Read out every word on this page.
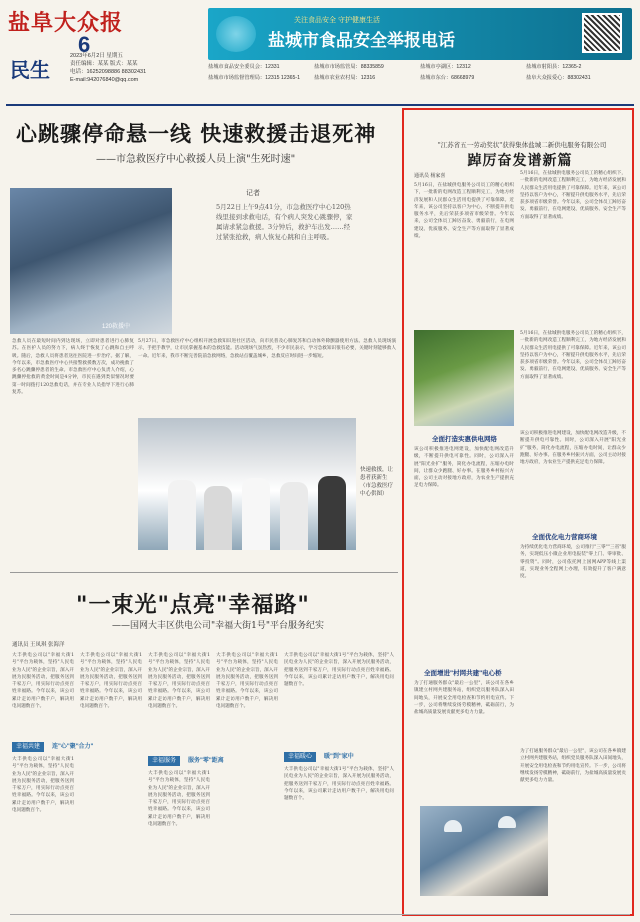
盐阜大众报
6
民生
2023年6月2日 星期五
责任编辑：某某 版式：某某
电话：16252098886 88302431
E-mail:942076840@qq.com
关注食品安全 守护健康生活
盐城市食品安全举报电话
盐城市食品安全委员会：12331	盐城市市场监管局：88335859	盐城市亭湖区：12312	盐城市射阳县：12365-2
盐城市市场监督管理局：12315 12365-1	盐城市农业农村局：12316	盐城市东台：68668979	盐阜大众报爱心：88302431
心跳骤停命悬一线 快速救援击退死神
——市急救医疗中心救援人员上演"生死时速"
120救援中
记者
5月22日上午9点41分，市急救医疗中心120热线里接到求救电话，有个病人突发心跳骤停，家属请求紧急救援。3分钟后，救护车出发……经过紧张抢救，病人恢复心跳和自主呼吸。
急救人员在最短时间内到达现场，立即对患者进行心肺复苏。在医护人员的努力下，病人终于恢复了心跳和自主呼吸。随后，急救人员将患者送往医院进一步治疗。据了解，今年以来，市急救医疗中心共接警救援数万次，成功挽救了多名心跳骤停患者的生命。市急救医疗中心负责人介绍，心跳骤停抢救的黄金时间是4分钟，市民在遇到类似情况时要第一时间拨打120急救电话，并在专业人员指导下进行心肺复苏。
5月27日，市急救医疗中心组织开展急救知识进社区活动，向市民普及心肺复苏和自动体外除颤器使用方法。急救人员现场演示，手把手教学，让市民掌握基本的急救技能。活动现场气氛热烈，不少市民表示，学习急救知识很有必要，关键时刻能够救人一命。近年来，我市不断完善院前急救网络，急救站点覆盖城乡，急救反应时间进一步缩短。
快速救援，让患者获新生（市急救医疗中心供图）
"一束光"点亮"幸福路"
——国网大丰区供电公司"幸福大街1号"平台服务纪实
通讯员 王凤琪 张海洋
大丰供电公司以"幸福大街1号"平台为载体，坚持"人民电业为人民"的企业宗旨，深入开展为民服务活动，把服务送到千家万户，用实际行动点亮百姓幸福路。今年以来，该公司累计走访用户数千户，解决用电问题数百个。
幸福共建	连"心"聚"合力"
大丰供电公司以"幸福大街1号"平台为载体，坚持"人民电业为人民"的企业宗旨，深入开展为民服务活动，把服务送到千家万户，用实际行动点亮百姓幸福路。今年以来，该公司累计走访用户数千户，解决用电问题数百个。
大丰供电公司以"幸福大街1号"平台为载体，坚持"人民电业为人民"的企业宗旨，深入开展为民服务活动，把服务送到千家万户，用实际行动点亮百姓幸福路。今年以来，该公司累计走访用户数千户，解决用电问题数百个。
大丰供电公司以"幸福大街1号"平台为载体，坚持"人民电业为人民"的企业宗旨，深入开展为民服务活动，把服务送到千家万户，用实际行动点亮百姓幸福路。今年以来，该公司累计走访用户数千户，解决用电问题数百个。
幸福服务	服务"零"距离
大丰供电公司以"幸福大街1号"平台为载体，坚持"人民电业为人民"的企业宗旨，深入开展为民服务活动，把服务送到千家万户，用实际行动点亮百姓幸福路。今年以来，该公司累计走访用户数千户，解决用电问题数百个。
大丰供电公司以"幸福大街1号"平台为载体，坚持"人民电业为人民"的企业宗旨，深入开展为民服务活动，把服务送到千家万户，用实际行动点亮百姓幸福路。今年以来，该公司累计走访用户数千户，解决用电问题数百个。
大丰供电公司以"幸福大街1号"平台为载体，坚持"人民电业为人民"的企业宗旨，深入开展为民服务活动，把服务送到千家万户，用实际行动点亮百姓幸福路。今年以来，该公司累计走访用户数千户，解决用电问题数百个。
幸福暖心	暖"到"家中
大丰供电公司以"幸福大街1号"平台为载体，坚持"人民电业为人民"的企业宗旨，深入开展为民服务活动，把服务送到千家万户，用实际行动点亮百姓幸福路。今年以来，该公司累计走访用户数千户，解决用电问题数百个。
"江苏省五一劳动奖状"获得集体盐城二新供电服务有限公司
踔厉奋发谱新篇
通讯员 杨家喜
5月16日，在盐城供电服务公司员工的精心组织下，一批新的电网改造工程顺利完工，为地方经济发展和人民群众生活用电提供了可靠保障。近年来，该公司坚持以客户为中心，不断提升供电服务水平，先后荣获多项省市级荣誉。今年以来，公司全体员工踔厉奋发、勇毅前行，在电网建设、优质服务、安全生产等方面取得了显著成绩。
5月16日，在盐城供电服务公司员工的精心组织下，一批新的电网改造工程顺利完工，为地方经济发展和人民群众生活用电提供了可靠保障。近年来，该公司坚持以客户为中心，不断提升供电服务水平，先后荣获多项省市级荣誉。今年以来，公司全体员工踔厉奋发、勇毅前行，在电网建设、优质服务、安全生产等方面取得了显著成绩。
5月16日，在盐城供电服务公司员工的精心组织下，一批新的电网改造工程顺利完工，为地方经济发展和人民群众生活用电提供了可靠保障。近年来，该公司坚持以客户为中心，不断提升供电服务水平，先后荣获多项省市级荣誉。今年以来，公司全体员工踔厉奋发、勇毅前行，在电网建设、优质服务、安全生产等方面取得了显著成绩。
全面打造实惠供电网络
该公司积极推进电网建设，加快配电网改造升级，不断提升供电可靠性。同时，公司深入开展"阳光业扩"服务，简化办电流程，压缩办电时间，让群众少跑腿、好办事。在服务乡村振兴方面，公司主动对接地方政府，为农业生产提供充足电力保障。
该公司积极推进电网建设，加快配电网改造升级，不断提升供电可靠性。同时，公司深入开展"阳光业扩"服务，简化办电流程，压缩办电时间，让群众少跑腿、好办事。在服务乡村振兴方面，公司主动对接地方政府，为农业生产提供充足电力保障。
全面优化电力营商环境
为持续优化电力营商环境，公司推行"三零""三省"服务，实现低压小微企业用电报装"零上门、零审批、零投资"。同时，公司依托网上国网APP等线上渠道，实现业务全程网上办理，有效提升了客户满意度。
全面增进"村网共建"电心桥
为了打通服务群众"最后一公里"，该公司在各乡镇建立村网共建服务站，组织党员服务队深入田间地头，开展安全用电检查和节约用电宣传。下一步，公司将继续发扬劳模精神，砥砺前行，为盐城高质量发展贡献更多电力力量。
为了打通服务群众"最后一公里"，该公司在各乡镇建立村网共建服务站，组织党员服务队深入田间地头，开展安全用电检查和节约用电宣传。下一步，公司将继续发扬劳模精神，砥砺前行，为盐城高质量发展贡献更多电力力量。
